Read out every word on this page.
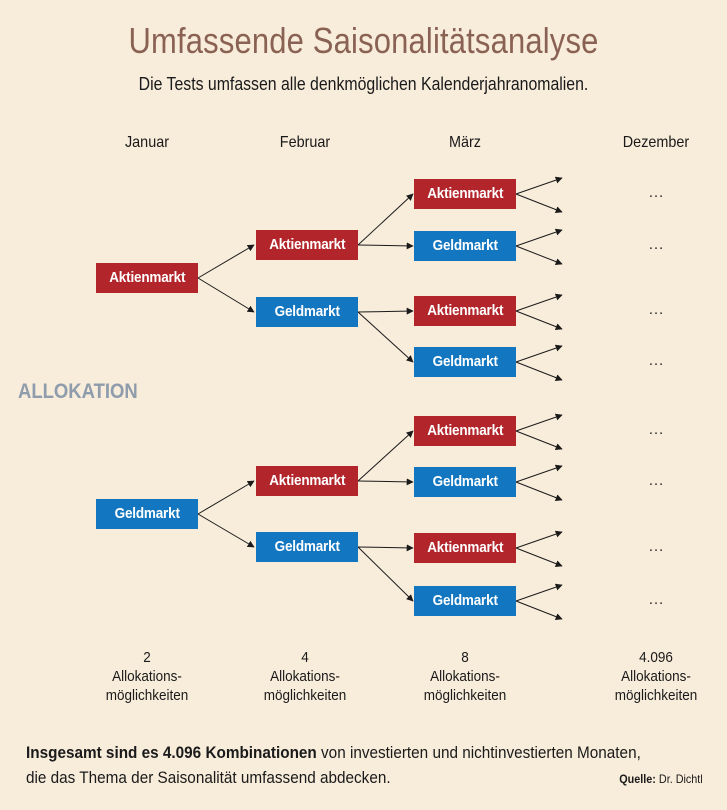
Umfassende Saisonalitätsanalyse
Die Tests umfassen alle denkmöglichen Kalenderjahranomalien.
Januar	Februar	März	Dezember
Aktienmarkt
Geldmarkt
Aktienmarkt
Geldmarkt
Aktienmarkt
Geldmarkt
Aktienmarkt
Geldmarkt
Aktienmarkt
Geldmarkt
Aktienmarkt
Geldmarkt
Aktienmarkt
Geldmarkt
…
…
…
…
…
…
…
…
ALLOKATION
2
Allokations-
möglichkeiten
4
Allokations-
möglichkeiten
8
Allokations-
möglichkeiten
4.096
Allokations-
möglichkeiten
Insgesamt sind es 4.096 Kombinationen von investierten und nichtinvestierten Monaten,
die das Thema der Saisonalität umfassend abdecken.	Quelle: Dr. Dichtl
